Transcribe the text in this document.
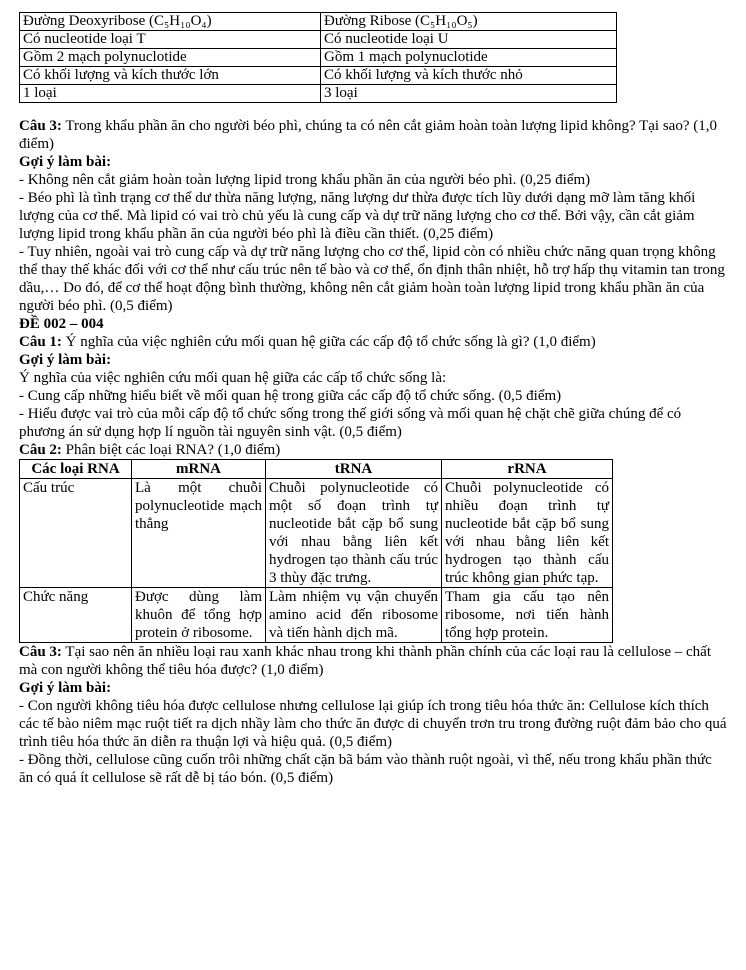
Đường Deoxyribose (C₅H₁₀O₄)	Đường Ribose (C₅H₁₀O₅)
Có nucleotide loại T	Có nucleotide loại U
Gồm 2 mạch polynuclotide	Gồm 1 mạch polynuclotide
Có khối lượng và kích thước lớn	Có khối lượng và kích thước nhỏ
1 loại	3 loại

Câu 3: Trong khẩu phần ăn cho người béo phì, chúng ta có nên cắt giảm hoàn toàn lượng lipid không? Tại sao? (1,0 điểm)

Gợi ý làm bài:

- Không nên cắt giảm hoàn toàn lượng lipid trong khẩu phần ăn của người béo phì. (0,25 điểm)

- Béo phì là tình trạng cơ thể dư thừa năng lượng, năng lượng dư thừa được tích lũy dưới dạng mỡ làm tăng khối lượng của cơ thể. Mà lipid có vai trò chủ yếu là cung cấp và dự trữ năng lượng cho cơ thể. Bởi vậy, cần cắt giảm lượng lipid trong khẩu phần ăn của người béo phì là điều cần thiết. (0,25 điểm)

- Tuy nhiên, ngoài vai trò cung cấp và dự trữ năng lượng cho cơ thể, lipid còn có nhiều chức năng quan trọng không thể thay thế khác đối với cơ thể như cấu trúc nên tế bào và cơ thể, ổn định thân nhiệt, hỗ trợ hấp thụ vitamin tan trong dầu,… Do đó, để cơ thể hoạt động bình thường, không nên cắt giảm hoàn toàn lượng lipid trong khẩu phần ăn của người béo phì. (0,5 điểm)

ĐỀ 002 – 004

Câu 1: Ý nghĩa của việc nghiên cứu mối quan hệ giữa các cấp độ tổ chức sống là gì? (1,0 điểm)

Gợi ý làm bài:

Ý nghĩa của việc nghiên cứu mối quan hệ giữa các cấp tổ chức sống là:

- Cung cấp những hiểu biết về mối quan hệ trong giữa các cấp độ tổ chức sống. (0,5 điểm)

- Hiểu được vai trò của mỗi cấp độ tổ chức sống trong thế giới sống và mối quan hệ chặt chẽ giữa chúng để có phương án sử dụng hợp lí nguồn tài nguyên sinh vật. (0,5 điểm)

Câu 2: Phân biệt các loại RNA? (1,0 điểm)

Các loại RNA	mRNA	tRNA	rRNA
Cấu trúc	Là một chuỗi polynucleotide mạch thẳng	Chuỗi polynucleotide có một số đoạn trình tự nucleotide bắt cặp bổ sung với nhau bằng liên kết hydrogen tạo thành cấu trúc 3 thùy đặc trưng.	Chuỗi polynucleotide có nhiều đoạn trình tự nucleotide bắt cặp bổ sung với nhau bằng liên kết hydrogen tạo thành cấu trúc không gian phức tạp.
Chức năng	Được dùng làm khuôn để tổng hợp protein ở ribosome.	Làm nhiệm vụ vận chuyển amino acid đến ribosome và tiến hành dịch mã.	Tham gia cấu tạo nên ribosome, nơi tiến hành tổng hợp protein.

Câu 3: Tại sao nên ăn nhiều loại rau xanh khác nhau trong khi thành phần chính của các loại rau là cellulose – chất mà con người không thể tiêu hóa được? (1,0 điểm)

Gợi ý làm bài:

- Con người không tiêu hóa được cellulose nhưng cellulose lại giúp ích trong tiêu hóa thức ăn: Cellulose kích thích các tế bào niêm mạc ruột tiết ra dịch nhầy làm cho thức ăn được di chuyển trơn tru trong đường ruột đảm bảo cho quá trình tiêu hóa thức ăn diễn ra thuận lợi và hiệu quả. (0,5 điểm)

- Đồng thời, cellulose cũng cuốn trôi những chất cặn bã bám vào thành ruột ngoài, vì thế, nếu trong khẩu phần thức ăn có quá ít cellulose sẽ rất dễ bị táo bón. (0,5 điểm)
